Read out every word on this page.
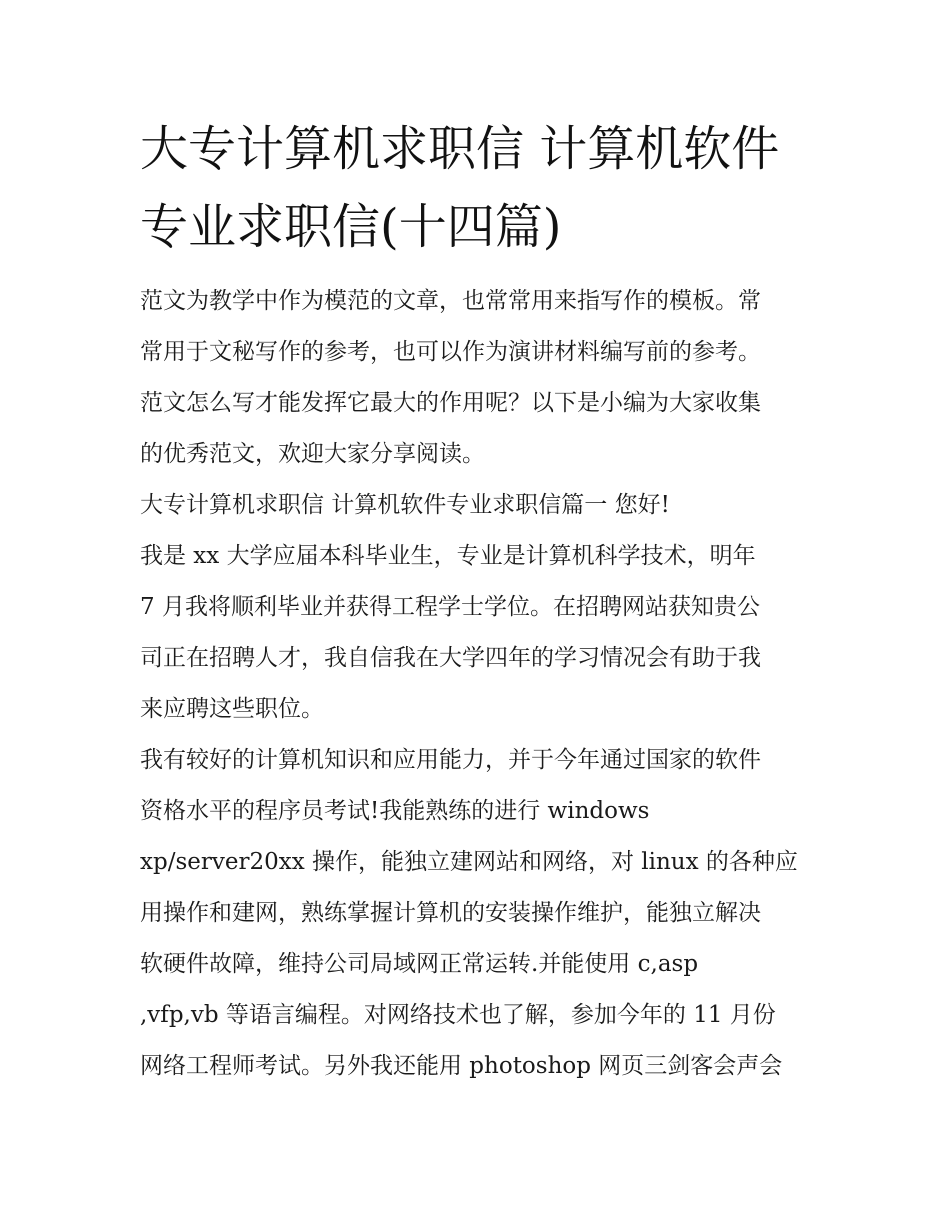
大专计算机求职信 计算机软件
专业求职信(十四篇)

范文为教学中作为模范的文章，也常常用来指写作的模板。常
常用于文秘写作的参考，也可以作为演讲材料编写前的参考。
范文怎么写才能发挥它最大的作用呢？以下是小编为大家收集
的优秀范文，欢迎大家分享阅读。

大专计算机求职信 计算机软件专业求职信篇一 您好!

我是 xx 大学应届本科毕业生，专业是计算机科学技术，明年
7 月我将顺利毕业并获得工程学士学位。在招聘网站获知贵公
司正在招聘人才，我自信我在大学四年的学习情况会有助于我
来应聘这些职位。

我有较好的计算机知识和应用能力，并于今年通过国家的软件
资格水平的程序员考试!我能熟练的进行 windows
xp/server20xx 操作，能独立建网站和网络，对 linux 的各种应
用操作和建网，熟练掌握计算机的安装操作维护，能独立解决
软硬件故障，维持公司局域网正常运转.并能使用 c,asp
,vfp,vb 等语言编程。对网络技术也了解，参加今年的 11 月份
网络工程师考试。另外我还能用 photoshop 网页三剑客会声会
